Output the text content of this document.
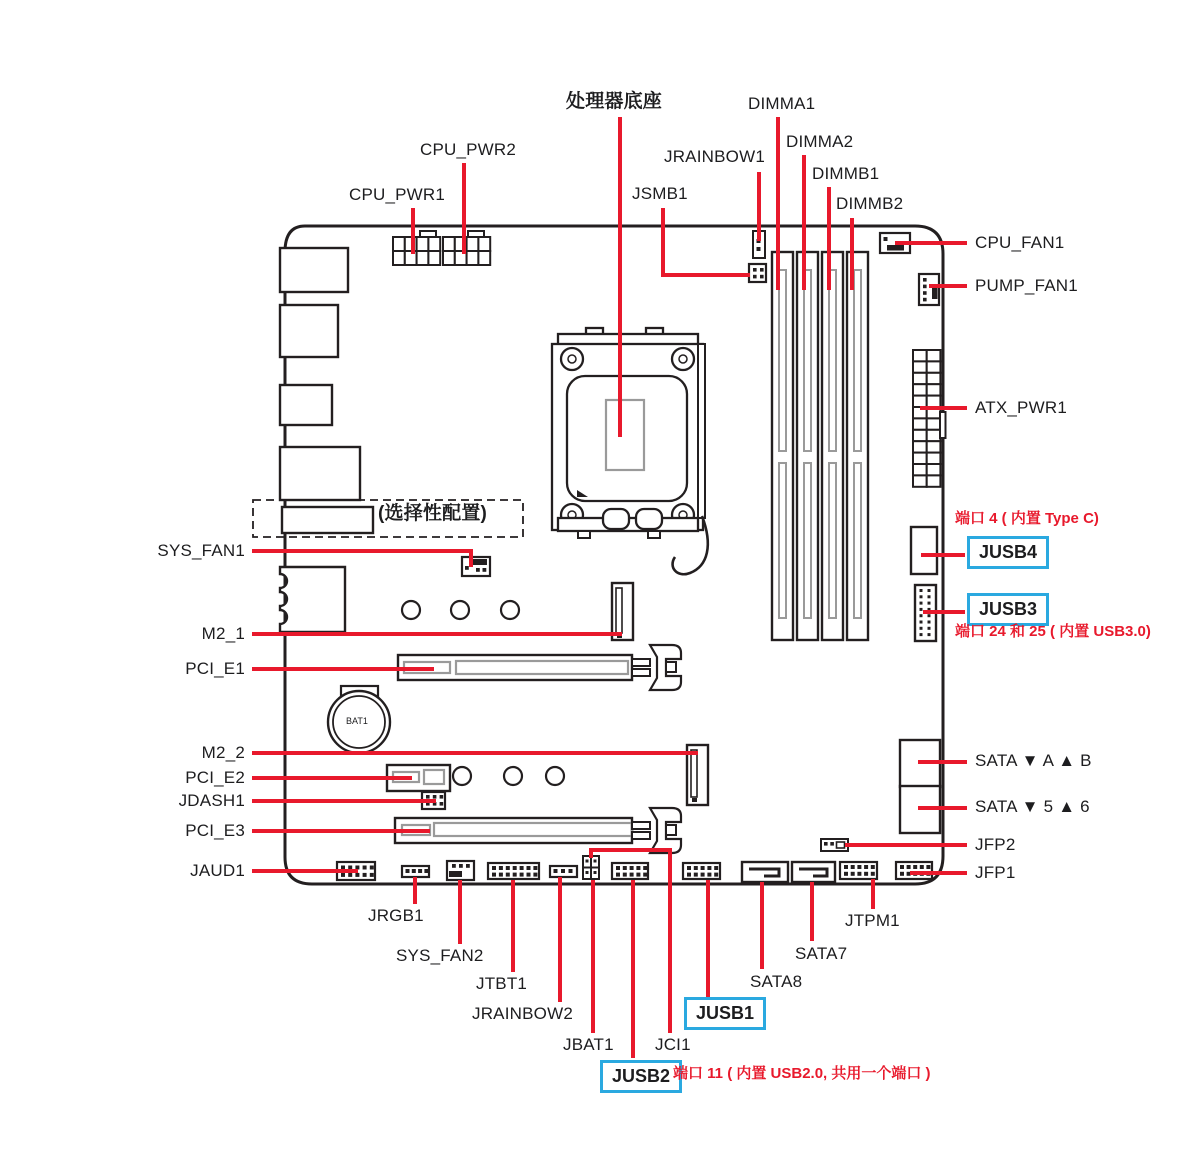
处理器底座
CPU_PWR2
CPU_PWR1
JRAINBOW1
JSMB1
DIMMA1
DIMMA2
DIMMB1
DIMMB2
CPU_FAN1
PUMP_FAN1
ATX_PWR1
SATA ▼ A ▲ B
SATA ▼ 5 ▲ 6
JFP2
JFP1
SYS_FAN1
M2_1
PCI_E1
M2_2
PCI_E2
JDASH1
PCI_E3
JAUD1
JRGB1
SYS_FAN2
JTBT1
JRAINBOW2
JBAT1 JCI1
SATA8
SATA7
JTPM1
BAT1
(选择性配置)
JUSB4
JUSB3
JUSB1
JUSB2
端口 4 ( 内置 Type C)
端口 24 和 25 ( 内置 USB3.0)
端口 11 ( 内置 USB2.0, 共用一个端口 )
